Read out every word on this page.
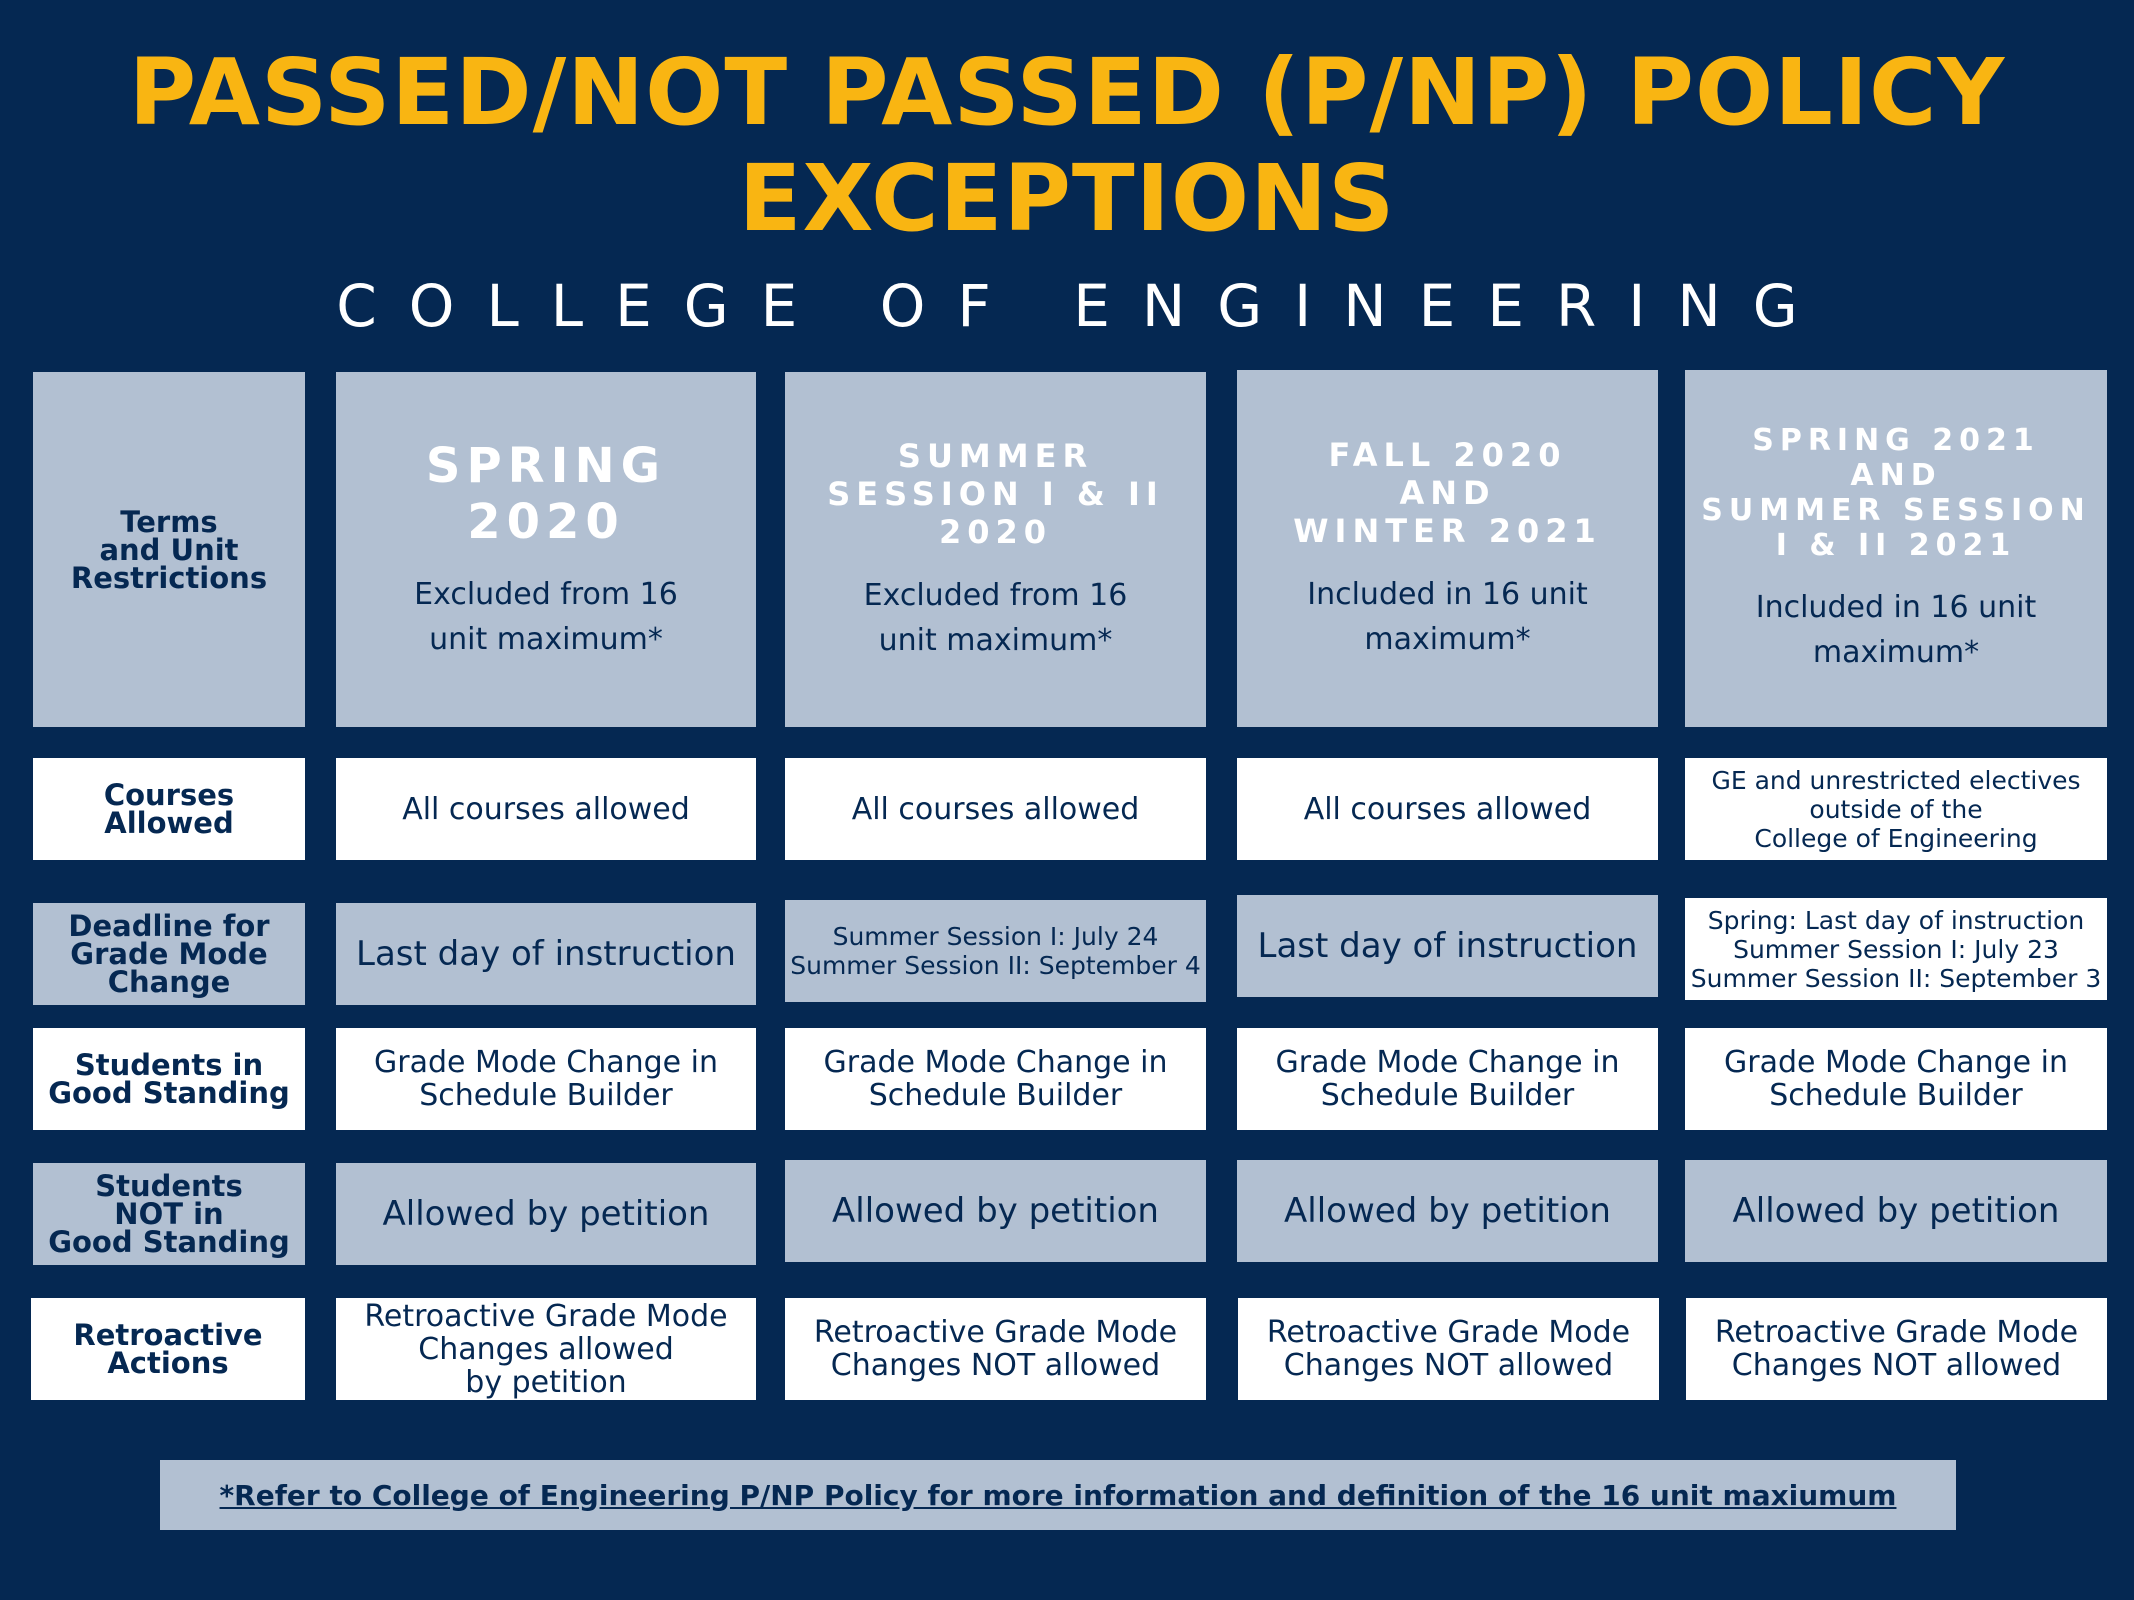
PASSED/NOT PASSED (P/NP) POLICY
EXCEPTIONS
COLLEGE OF ENGINEERING
Terms
and Unit
Restrictions
Courses
Allowed
Deadline for
Grade Mode
Change
Students in
Good Standing
Students
NOT in
Good Standing
Retroactive
Actions
SPRING
2020
Excluded from 16
unit maximum*
All courses allowed
Last day of instruction
Grade Mode Change in
Schedule Builder
Allowed by petition
Retroactive Grade Mode
Changes allowed
by petition
SUMMER
SESSION I & II
2020
Excluded from 16
unit maximum*
All courses allowed
Summer Session I: July 24
Summer Session II: September 4
Grade Mode Change in
Schedule Builder
Allowed by petition
Retroactive Grade Mode
Changes NOT allowed
FALL 2020
AND
WINTER 2021
Included in 16 unit
maximum*
All courses allowed
Last day of instruction
Grade Mode Change in
Schedule Builder
Allowed by petition
Retroactive Grade Mode
Changes NOT allowed
SPRING 2021
AND
SUMMER SESSION
I & II 2021
Included in 16 unit
maximum*
GE and unrestricted electives
outside of the
College of Engineering
Spring: Last day of instruction
Summer Session I: July 23
Summer Session II: September 3
Grade Mode Change in
Schedule Builder
Allowed by petition
Retroactive Grade Mode
Changes NOT allowed
*Refer to College of Engineering P/NP Policy for more information and definition of the 16 unit maxiumum
